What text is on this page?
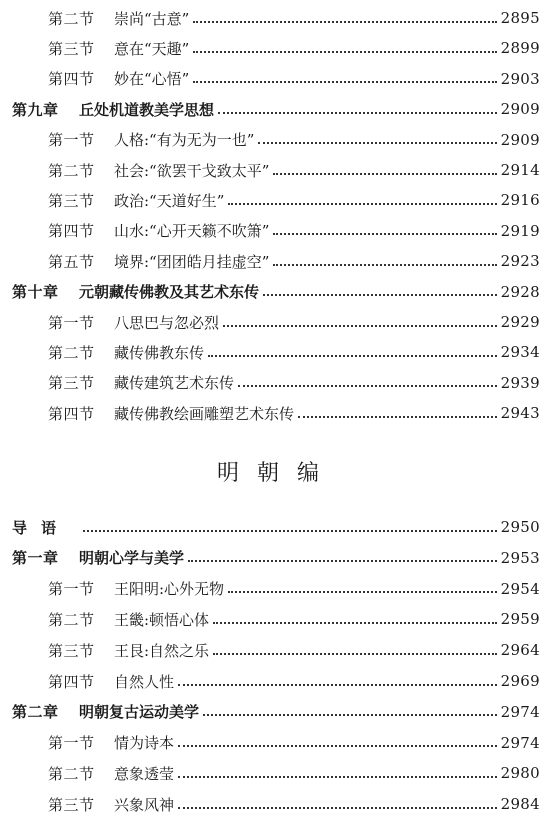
第二节	崇尚“古意”	2895
第三节	意在“天趣”	2899
第四节	妙在“心悟”	2903
第九章	丘处机道教美学思想	2909
第一节	人格:“有为无为一也”	2909
第二节	社会:“欲罢干戈致太平”	2914
第三节	政治:“天道好生”	2916
第四节	山水:“心开天籁不吹箫”	2919
第五节	境界:“团团皓月挂虚空”	2923
第十章	元朝藏传佛教及其艺术东传	2928
第一节	八思巴与忽必烈	2929
第二节	藏传佛教东传	2934
第三节	藏传建筑艺术东传	2939
第四节	藏传佛教绘画雕塑艺术东传	2943
明朝编
导语	2950
第一章	明朝心学与美学	2953
第一节	王阳明:心外无物	2954
第二节	王畿:顿悟心体	2959
第三节	王艮:自然之乐	2964
第四节	自然人性	2969
第二章	明朝复古运动美学	2974
第一节	情为诗本	2974
第二节	意象透莹	2980
第三节	兴象风神	2984
